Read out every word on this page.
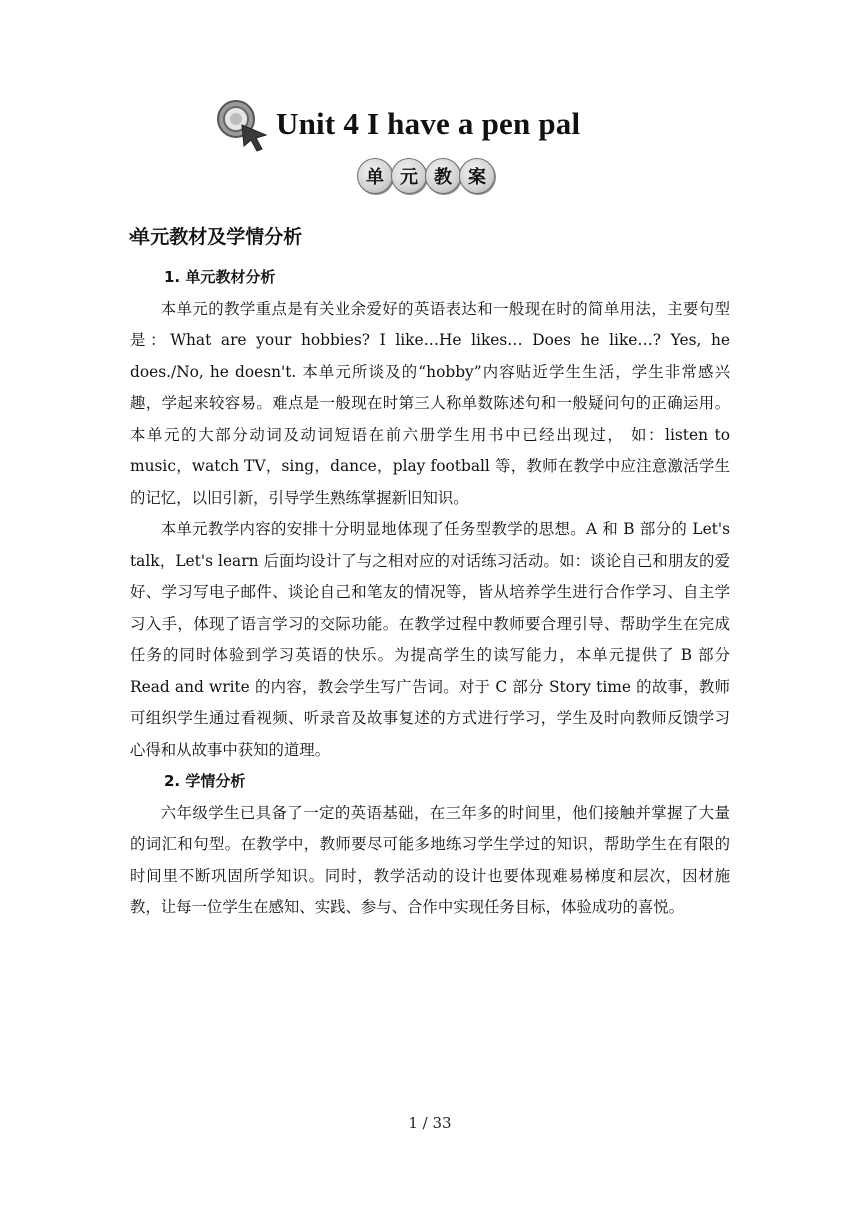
Unit 4 I have a pen pal
单 元 教 案
›› 单元教材及学情分析
1. 单元教材分析

本单元的教学重点是有关业余爱好的英语表达和一般现在时的简单用法，主要句型是：What are your hobbies? I like…He likes… Does he like…? Yes, he does./No, he doesn't. 本单元所谈及的“hobby”内容贴近学生生活，学生非常感兴趣，学起来较容易。难点是一般现在时第三人称单数陈述句和一般疑问句的正确运用。本单元的大部分动词及动词短语在前六册学生用书中已经出现过， 如：listen to music，watch TV，sing，dance，play football 等，教师在教学中应注意激活学生的记忆，以旧引新，引导学生熟练掌握新旧知识。

本单元教学内容的安排十分明显地体现了任务型教学的思想。A 和 B 部分的 Let's talk，Let's learn 后面均设计了与之相对应的对话练习活动。如：谈论自己和朋友的爱好、学习写电子邮件、谈论自己和笔友的情况等，皆从培养学生进行合作学习、自主学习入手，体现了语言学习的交际功能。在教学过程中教师要合理引导、帮助学生在完成任务的同时体验到学习英语的快乐。为提高学生的读写能力，本单元提供了 B 部分 Read and write 的内容，教会学生写广告词。对于 C 部分 Story time 的故事，教师可组织学生通过看视频、听录音及故事复述的方式进行学习，学生及时向教师反馈学习心得和从故事中获知的道理。

2. 学情分析

六年级学生已具备了一定的英语基础，在三年多的时间里，他们接触并掌握了大量的词汇和句型。在教学中，教师要尽可能多地练习学生学过的知识，帮助学生在有限的时间里不断巩固所学知识。同时，教学活动的设计也要体现难易梯度和层次，因材施教，让每一位学生在感知、实践、参与、合作中实现任务目标，体验成功的喜悦。

1 / 33
